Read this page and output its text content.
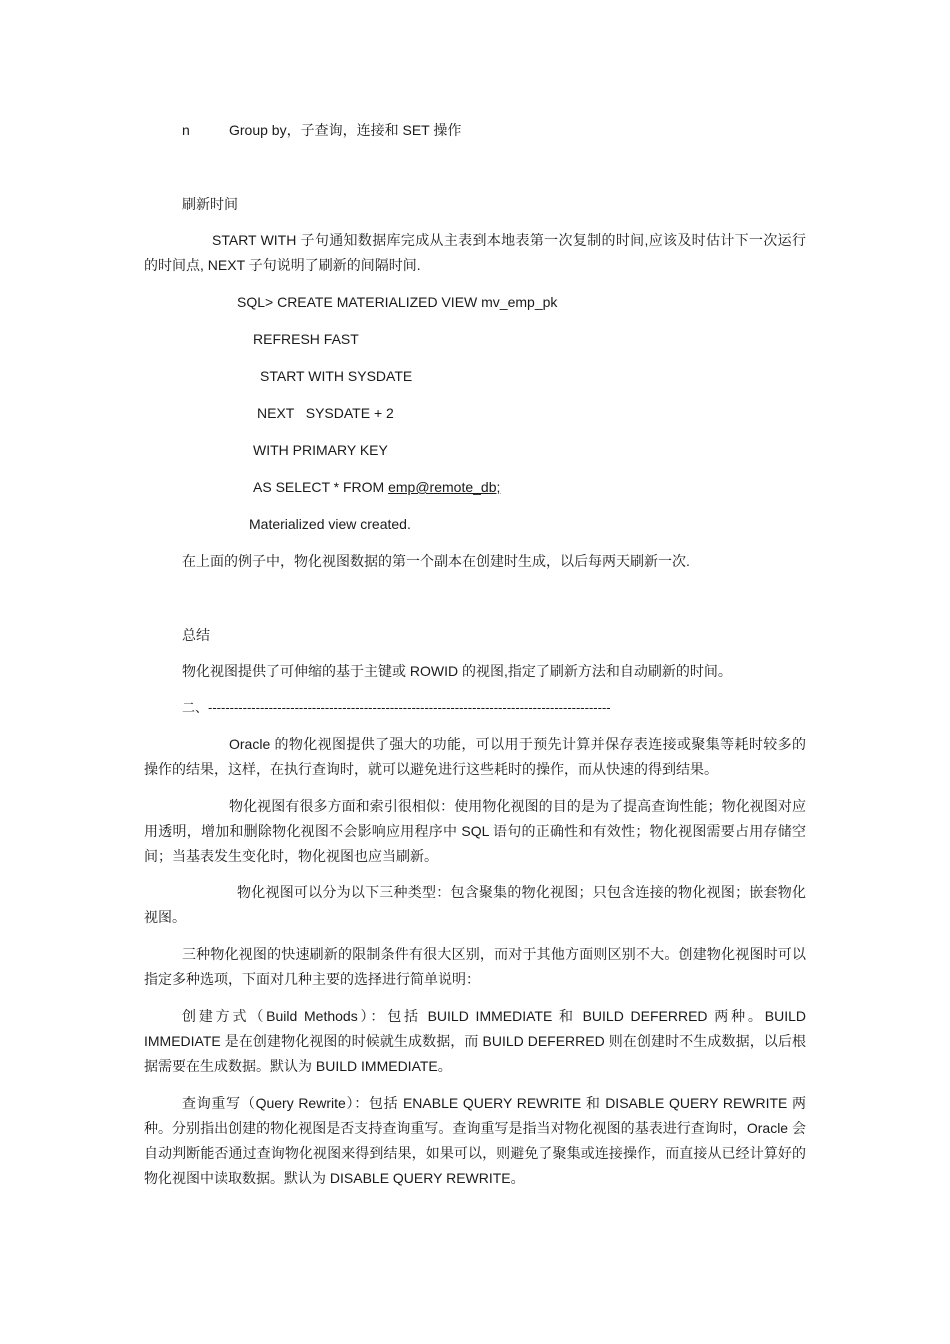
n	Group by，子查询，连接和 SET 操作
刷新时间
START WITH 子句通知数据库完成从主表到本地表第一次复制的时间,应该及时估计下一次运行的时间点, NEXT 子句说明了刷新的间隔时间.
SQL> CREATE MATERIALIZED VIEW mv_emp_pk
REFRESH FAST
START WITH SYSDATE
NEXT   SYSDATE + 2
WITH PRIMARY KEY
AS SELECT * FROM emp@remote_db;
Materialized view created.
在上面的例子中，物化视图数据的第一个副本在创建时生成，以后每两天刷新一次.
总结
物化视图提供了可伸缩的基于主键或 ROWID 的视图,指定了刷新方法和自动刷新的时间。
二、---------------------------------------------------------------------------------------------
Oracle 的物化视图提供了强大的功能，可以用于预先计算并保存表连接或聚集等耗时较多的操作的结果，这样，在执行查询时，就可以避免进行这些耗时的操作，而从快速的得到结果。
物化视图有很多方面和索引很相似：使用物化视图的目的是为了提高查询性能；物化视图对应用透明，增加和删除物化视图不会影响应用程序中 SQL 语句的正确性和有效性；物化视图需要占用存储空间；当基表发生变化时，物化视图也应当刷新。
物化视图可以分为以下三种类型：包含聚集的物化视图；只包含连接的物化视图；嵌套物化视图。
三种物化视图的快速刷新的限制条件有很大区别，而对于其他方面则区别不大。创建物化视图时可以指定多种选项，下面对几种主要的选择进行简单说明：
创建方式（Build Methods）：包括 BUILD IMMEDIATE 和 BUILD DEFERRED 两种。BUILD IMMEDIATE 是在创建物化视图的时候就生成数据，而 BUILD DEFERRED 则在创建时不生成数据，以后根据需要在生成数据。默认为 BUILD IMMEDIATE。
查询重写（Query Rewrite）：包括 ENABLE QUERY REWRITE 和 DISABLE QUERY REWRITE 两种。分别指出创建的物化视图是否支持查询重写。查询重写是指当对物化视图的基表进行查询时，Oracle 会自动判断能否通过查询物化视图来得到结果，如果可以，则避免了聚集或连接操作，而直接从已经计算好的物化视图中读取数据。默认为 DISABLE QUERY REWRITE。
